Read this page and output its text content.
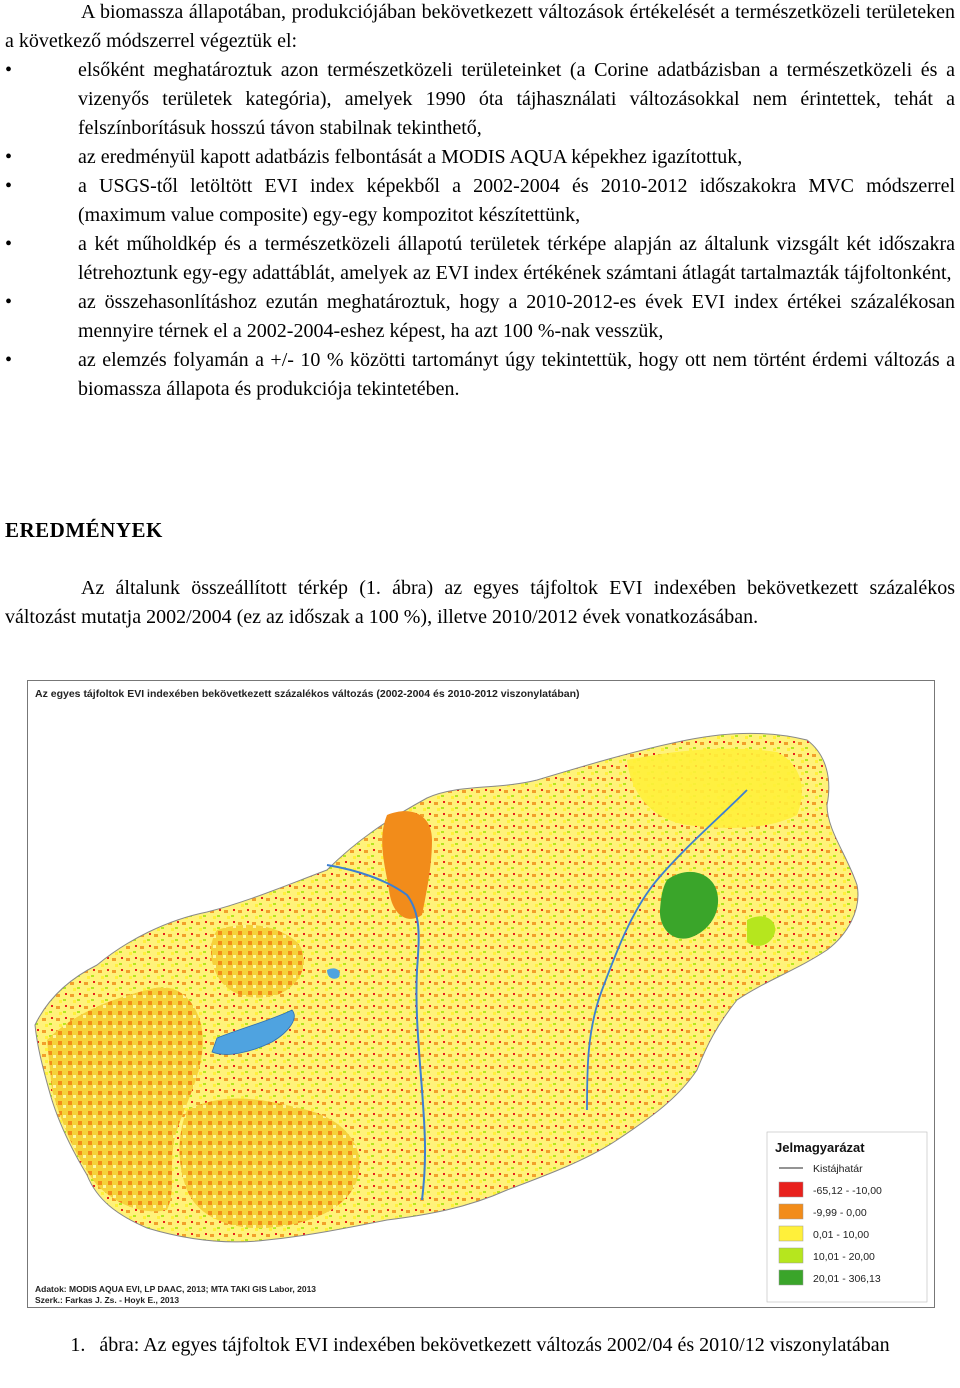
A biomassza állapotában, produkciójában bekövetkezett változások értékelését a természetközeli területeken a következő módszerrel végeztük el:

•	elsőként meghatároztuk azon természetközeli területeinket (a Corine adatbázisban a természetközeli és a vizenyős területek kategória), amelyek 1990 óta tájhasználati változásokkal nem érintettek, tehát a felszínborításuk hosszú távon stabilnak tekinthető,
•	az eredményül kapott adatbázis felbontását a MODIS AQUA képekhez igazítottuk,
•	a USGS-től letöltött EVI index képekből a 2002-2004 és 2010-2012 időszakokra MVC módszerrel (maximum value composite) egy-egy kompozitot készítettünk,
•	a két műholdkép és a természetközeli állapotú területek térképe alapján az általunk vizsgált két időszakra létrehoztunk egy-egy adattáblát, amelyek az EVI index értékének számtani átlagát tartalmazták tájfoltonként,
•	az összehasonlításhoz ezután meghatároztuk, hogy a 2010-2012-es évek EVI index értékei százalékosan mennyire térnek el a 2002-2004-eshez képest, ha azt 100 %-nak vesszük,
•	az elemzés folyamán a +/- 10 % közötti tartományt úgy tekintettük, hogy ott nem történt érdemi változás a biomassza állapota és produkciója tekintetében.
EREDMÉNYEK

Az általunk összeállított térkép (1. ábra) az egyes tájfoltok EVI indexében bekövetkezett százalékos változást mutatja 2002/2004 (ez az időszak a 100 %), illetve 2010/2012 évek vonatkozásában.

Az egyes tájfoltok EVI indexében bekövetkezett százalékos változás (2002-2004 és 2010-2012 viszonylatában)
Jelmagyarázat
Kistájhatár
-65,12 - -10,00
-9,99 - 0,00
0,01 - 10,00
10,01 - 20,00
20,01 - 306,13
Adatok: MODIS AQUA EVI, LP DAAC, 2013; MTA TAKI GIS Labor, 2013
Szerk.: Farkas J. Zs. - Hoyk E., 2013
1. ábra: Az egyes tájfoltok EVI indexében bekövetkezett változás 2002/04 és 2010/12 viszonylatában
